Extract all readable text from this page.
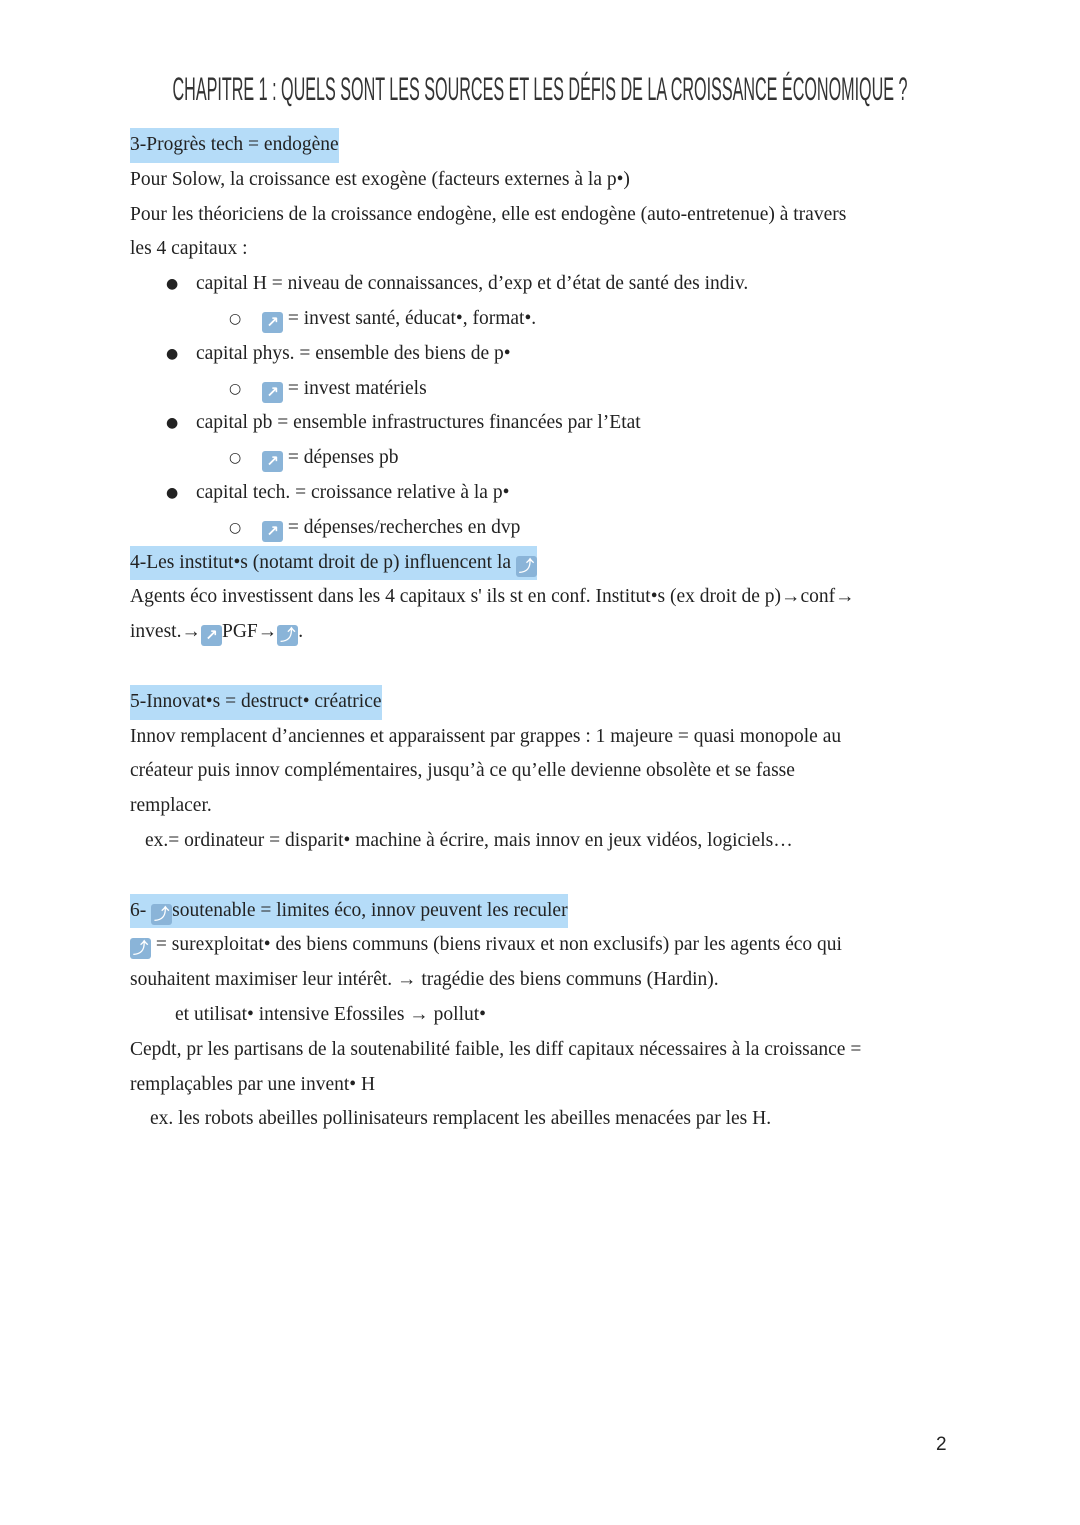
CHAPITRE 1 : QUELS SONT LES SOURCES ET LES DÉFIS DE LA CROISSANCE ÉCONOMIQUE ?
3-Progrès tech = endogène
Pour Solow, la croissance est exogène (facteurs externes à la p•)
Pour les théoriciens de la croissance endogène, elle est endogène (auto-entretenue) à travers
les 4 capitaux :
● capital H = niveau de connaissances, d’exp et d’état de santé des indiv.
○ ↗ = invest santé, éducat•, format•.
● capital phys. = ensemble des biens de p•
○ ↗ = invest matériels
● capital pb = ensemble infrastructures financées par l’Etat
○ ↗ = dépenses pb
● capital tech. = croissance relative à la p•
○ ↗ = dépenses/recherches en dvp
4-Les institut•s (notamt droit de p) influencent la ⤴
Agents éco investissent dans les 4 capitaux s' ils st en conf. Institut•s (ex droit de p)→conf→
invest.→ ↗ PGF→ ⤴ .
5-Innovat•s = destruct• créatrice
Innov remplacent d’anciennes et apparaissent par grappes : 1 majeure = quasi monopole au
créateur puis innov complémentaires, jusqu’à ce qu’elle devienne obsolète et se fasse
remplacer.
ex.= ordinateur = disparit• machine à écrire, mais innov en jeux vidéos, logiciels…
6- ⤴ soutenable = limites éco, innov peuvent les reculer
⤴ = surexploitat• des biens communs (biens rivaux et non exclusifs) par les agents éco qui
souhaitent maximiser leur intérêt. → tragédie des biens communs (Hardin).
et utilisat• intensive Efossiles → pollut•
Cepdt, pr les partisans de la soutenabilité faible, les diff capitaux nécessaires à la croissance =
remplaçables par une invent• H
ex. les robots abeilles pollinisateurs remplacent les abeilles menacées par les H.
2
